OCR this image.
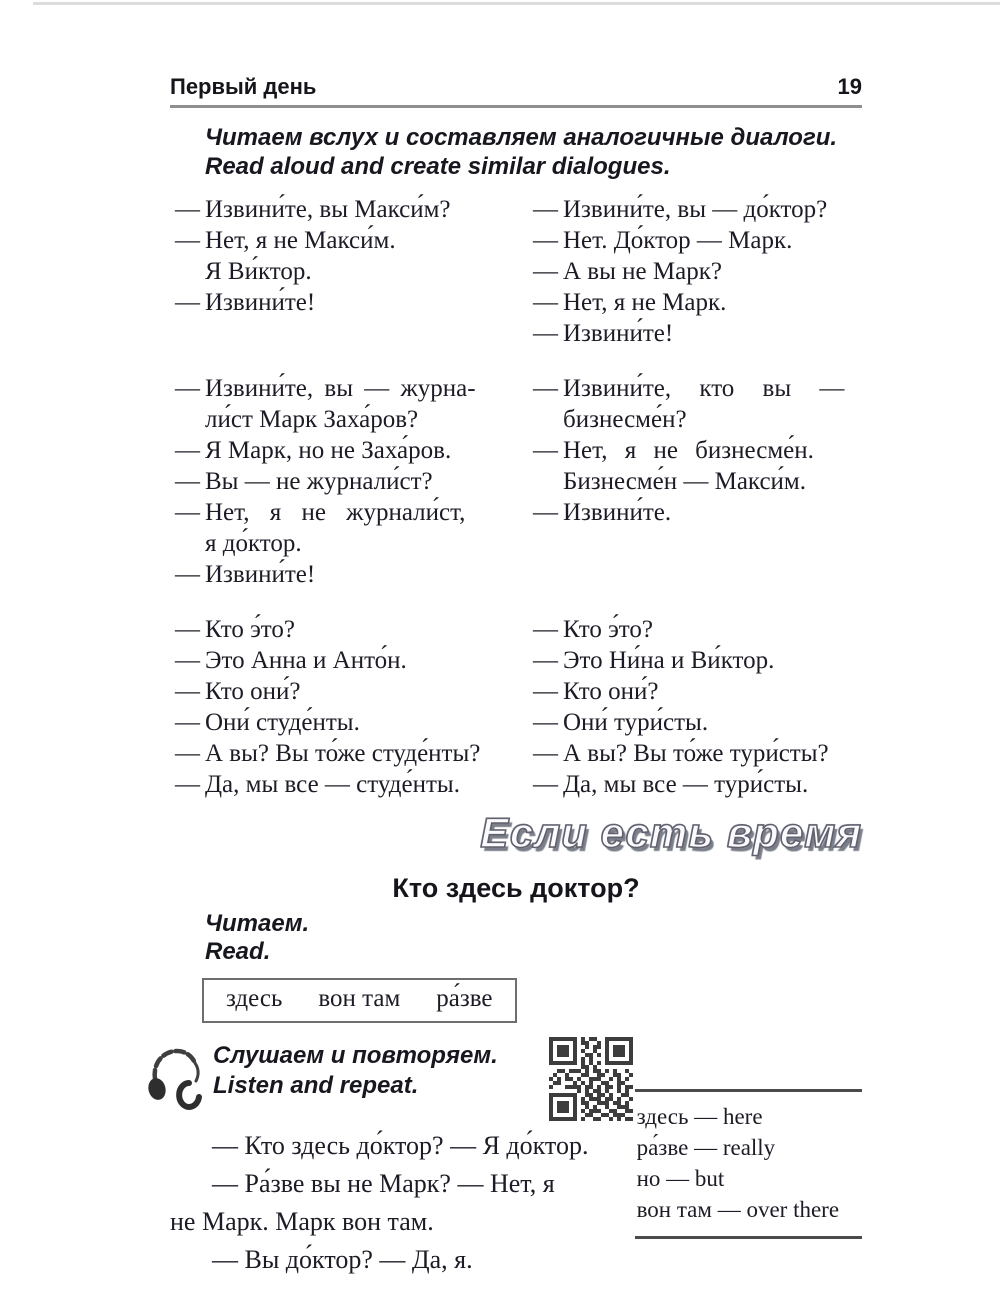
Первый день	19
Читаем вслух и составляем аналогичные диалоги.
Read aloud and create similar dialogues.
— Извини́те, вы Макси́м?
— Нет, я не Макси́м.
Я Ви́ктор.
— Извини́те!
— Извини́те, вы — до́ктор?
— Нет. До́ктор — Марк.
— А вы не Марк?
— Нет, я не Марк.
— Извини́те!
— Извини́те, вы — журна-
ли́ст Марк Заха́ров?
— Я Марк, но не Заха́ров.
— Вы — не журнали́ст?
— Нет, я не журнали́ст,
я до́ктор.
— Извини́те!
— Извини́те, кто вы —
бизнесме́н?
— Нет, я не бизнесме́н.
Бизнесме́н — Макси́м.
— Извини́те.
— Кто э́то?
— Это Анна и Анто́н.
— Кто они́?
— Они́ студе́нты.
— А вы? Вы то́же студе́нты?
— Да, мы все — студе́нты.
— Кто э́то?
— Это Ни́на и Ви́ктор.
— Кто они́?
— Они́ тури́сты.
— А вы? Вы то́же тури́сты?
— Да, мы все — тури́сты.
Если есть время
Кто здесь доктор?
Читаем.
Read.
здесь вон там ра́зве
Слушаем и повторяем.
Listen and repeat.
— Кто здесь до́ктор? — Я до́ктор.
— Ра́зве вы не Марк? — Нет, я
не Марк. Марк вон там.
— Вы до́ктор? — Да, я.
здесь — here
ра́зве — really
но — but
вон там — over there
